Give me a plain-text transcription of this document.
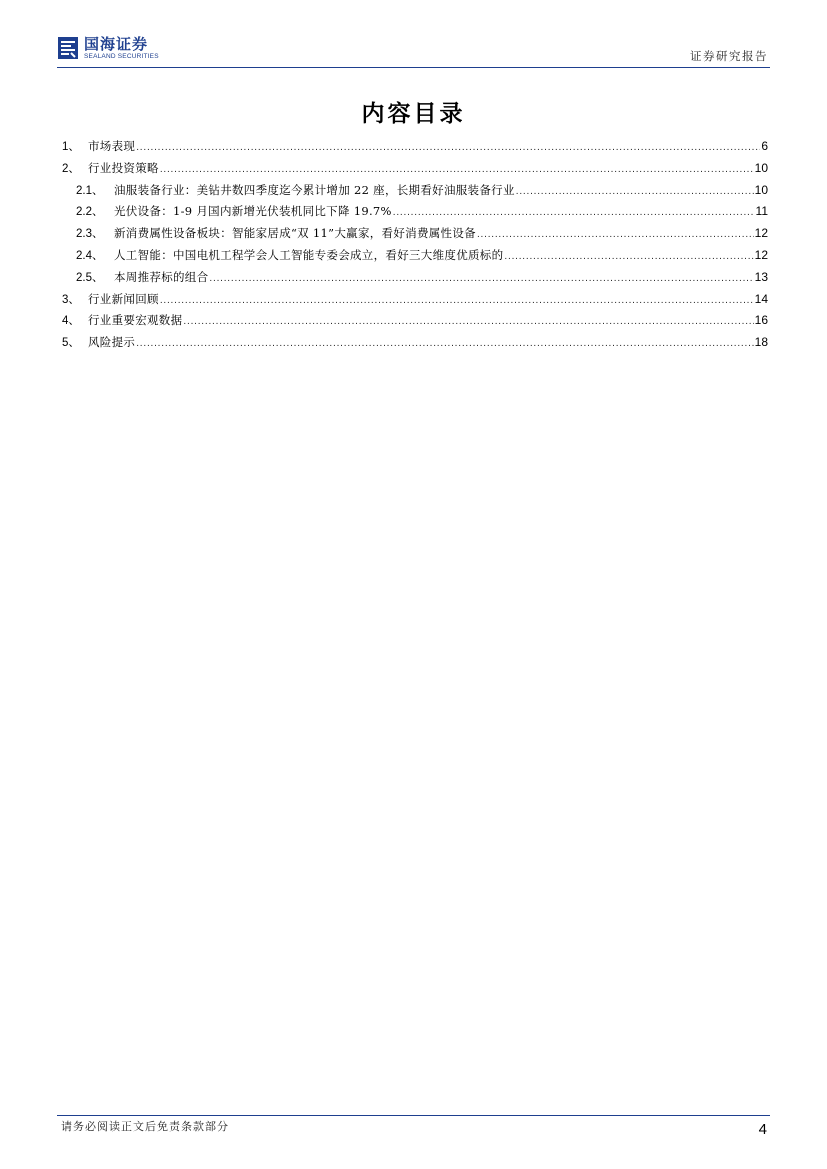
国海证券
SEALAND SECURITIES	证券研究报告
内容目录
1、 市场表现 .....	6
2、 行业投资策略 .....	10
2.1、 油服装备行业：美钻井数四季度迄今累计增加 22 座，长期看好油服装备行业 .....	10
2.2、 光伏设备：1-9 月国内新增光伏装机同比下降 19.7% .....	11
2.3、 新消费属性设备板块：智能家居成“双 11”大赢家，看好消费属性设备 .....	12
2.4、 人工智能：中国电机工程学会人工智能专委会成立，看好三大维度优质标的 .....	12
2.5、 本周推荐标的组合 .....	13
3、 行业新闻回顾 .....	14
4、 行业重要宏观数据 .....	16
5、 风险提示 .....	18
请务必阅读正文后免责条款部分	4
